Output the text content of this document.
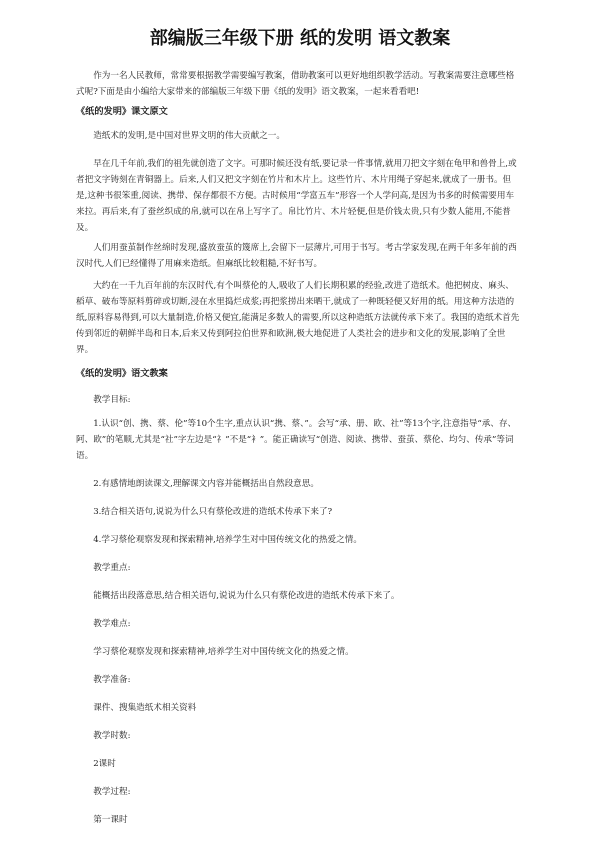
部编版三年级下册 纸的发明 语文教案
作为一名人民教师，常常要根据教学需要编写教案，借助教案可以更好地组织教学活动。写教案需要注意哪些格式呢?下面是由小编给大家带来的部编版三年级下册《纸的发明》语文教案，一起来看看吧!
《纸的发明》课文原文
造纸术的发明,是中国对世界文明的伟大贡献之一。
早在几千年前,我们的祖先就创造了文字。可那时候还没有纸,要记录一件事情,就用刀把文字刻在龟甲和兽骨上,或者把文字铸刻在青铜器上。后来,人们又把文字刻在竹片和木片上。这些竹片、木片用绳子穿起来,就成了一册书。但是,这种书很笨重,阅读、携带、保存都很不方便。古时候用“学富五车”形容一个人学问高,是因为书多的时候需要用车来拉。再后来,有了蚕丝织成的帛,就可以在帛上写字了。帛比竹片、木片轻便,但是价钱太贵,只有少数人能用,不能普及。
人们用蚕茧制作丝绵时发现,盛放蚕茧的篾席上,会留下一层薄片,可用于书写。考古学家发现,在两千年多年前的西汉时代,人们已经懂得了用麻来造纸。但麻纸比较粗糙,不好书写。
大约在一千九百年前的东汉时代,有个叫蔡伦的人,吸收了人们长期积累的经验,改进了造纸术。他把树皮、麻头、稻草、破布等原料剪碎或切断,浸在水里捣烂成浆;再把浆捞出来晒干,就成了一种既轻便又好用的纸。用这种方法造的纸,原料容易得到,可以大量制造,价格又便宜,能满足多数人的需要,所以这种造纸方法就传承下来了。我国的造纸术首先传到邻近的朝鲜半岛和日本,后来又传到阿拉伯世界和欧洲,极大地促进了人类社会的进步和文化的发展,影响了全世界。
《纸的发明》语文教案
教学目标:
1.认识“创、携、蔡、伦”等10个生字,重点认识“携、蔡、”。会写“承、册、欧、社”等13个字,注意指导“承、存、阿、欧”的笔顺,尤其是“社”字左边是“礻”不是“衤”。能正确读写“创造、阅读、携带、蚕茧、蔡伦、均匀、传承”等词语。
2.有感情地朗读课文,理解课文内容并能概括出自然段意思。
3.结合相关语句,说说为什么只有蔡伦改进的造纸术传承下来了?
4.学习蔡伦观察发现和探索精神,培养学生对中国传统文化的热爱之情。
教学重点:
能概括出段落意思,结合相关语句,说说为什么只有蔡伦改进的造纸术传承下来了。
教学难点:
学习蔡伦观察发现和探索精神,培养学生对中国传统文化的热爱之情。
教学准备:
课件、搜集造纸术相关资料
教学时数:
2课时
教学过程:
第一课时
